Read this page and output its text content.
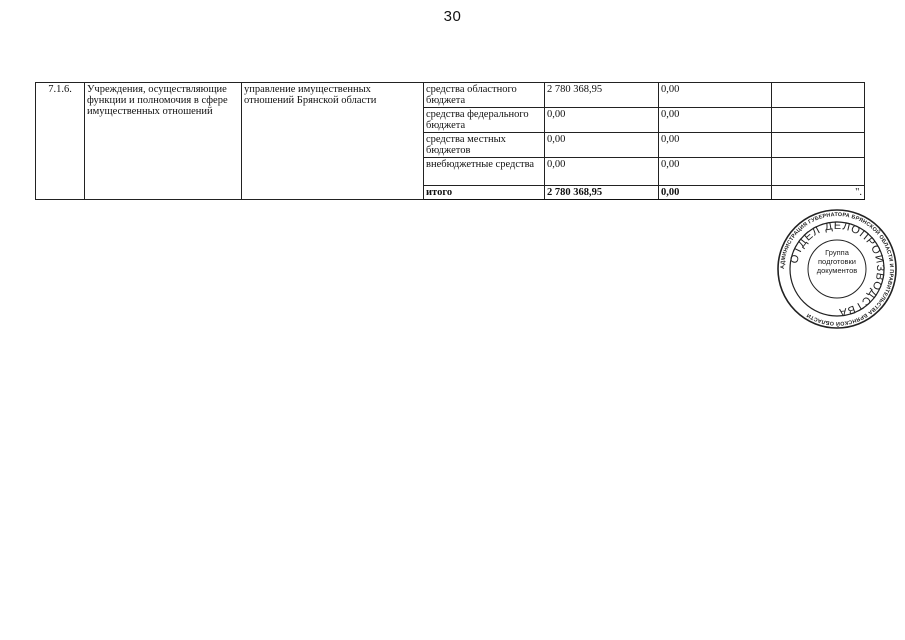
30
7.1.6.	Учреждения, осуществляющие функции и полномочия в сфере имущественных отношений	управление имущественных отношений Брянской области	средства областного бюджета	2 780 368,95	0,00	
			средства федерального бюджета	0,00	0,00	
			средства местных бюджетов	0,00	0,00	
			внебюджетные средства	0,00	0,00	
			итого	2 780 368,95	0,00	".
АДМИНИСТРАЦИЯ ГУБЕРНАТОРА БРЯНСКОЙ ОБЛАСТИ И ПРАВИТЕЛЬСТВА БРЯНСКОЙ ОБЛАСТИ
ОТДЕЛ ДЕЛОПРОИЗВОДСТВА
Группа
подготовки
документов
